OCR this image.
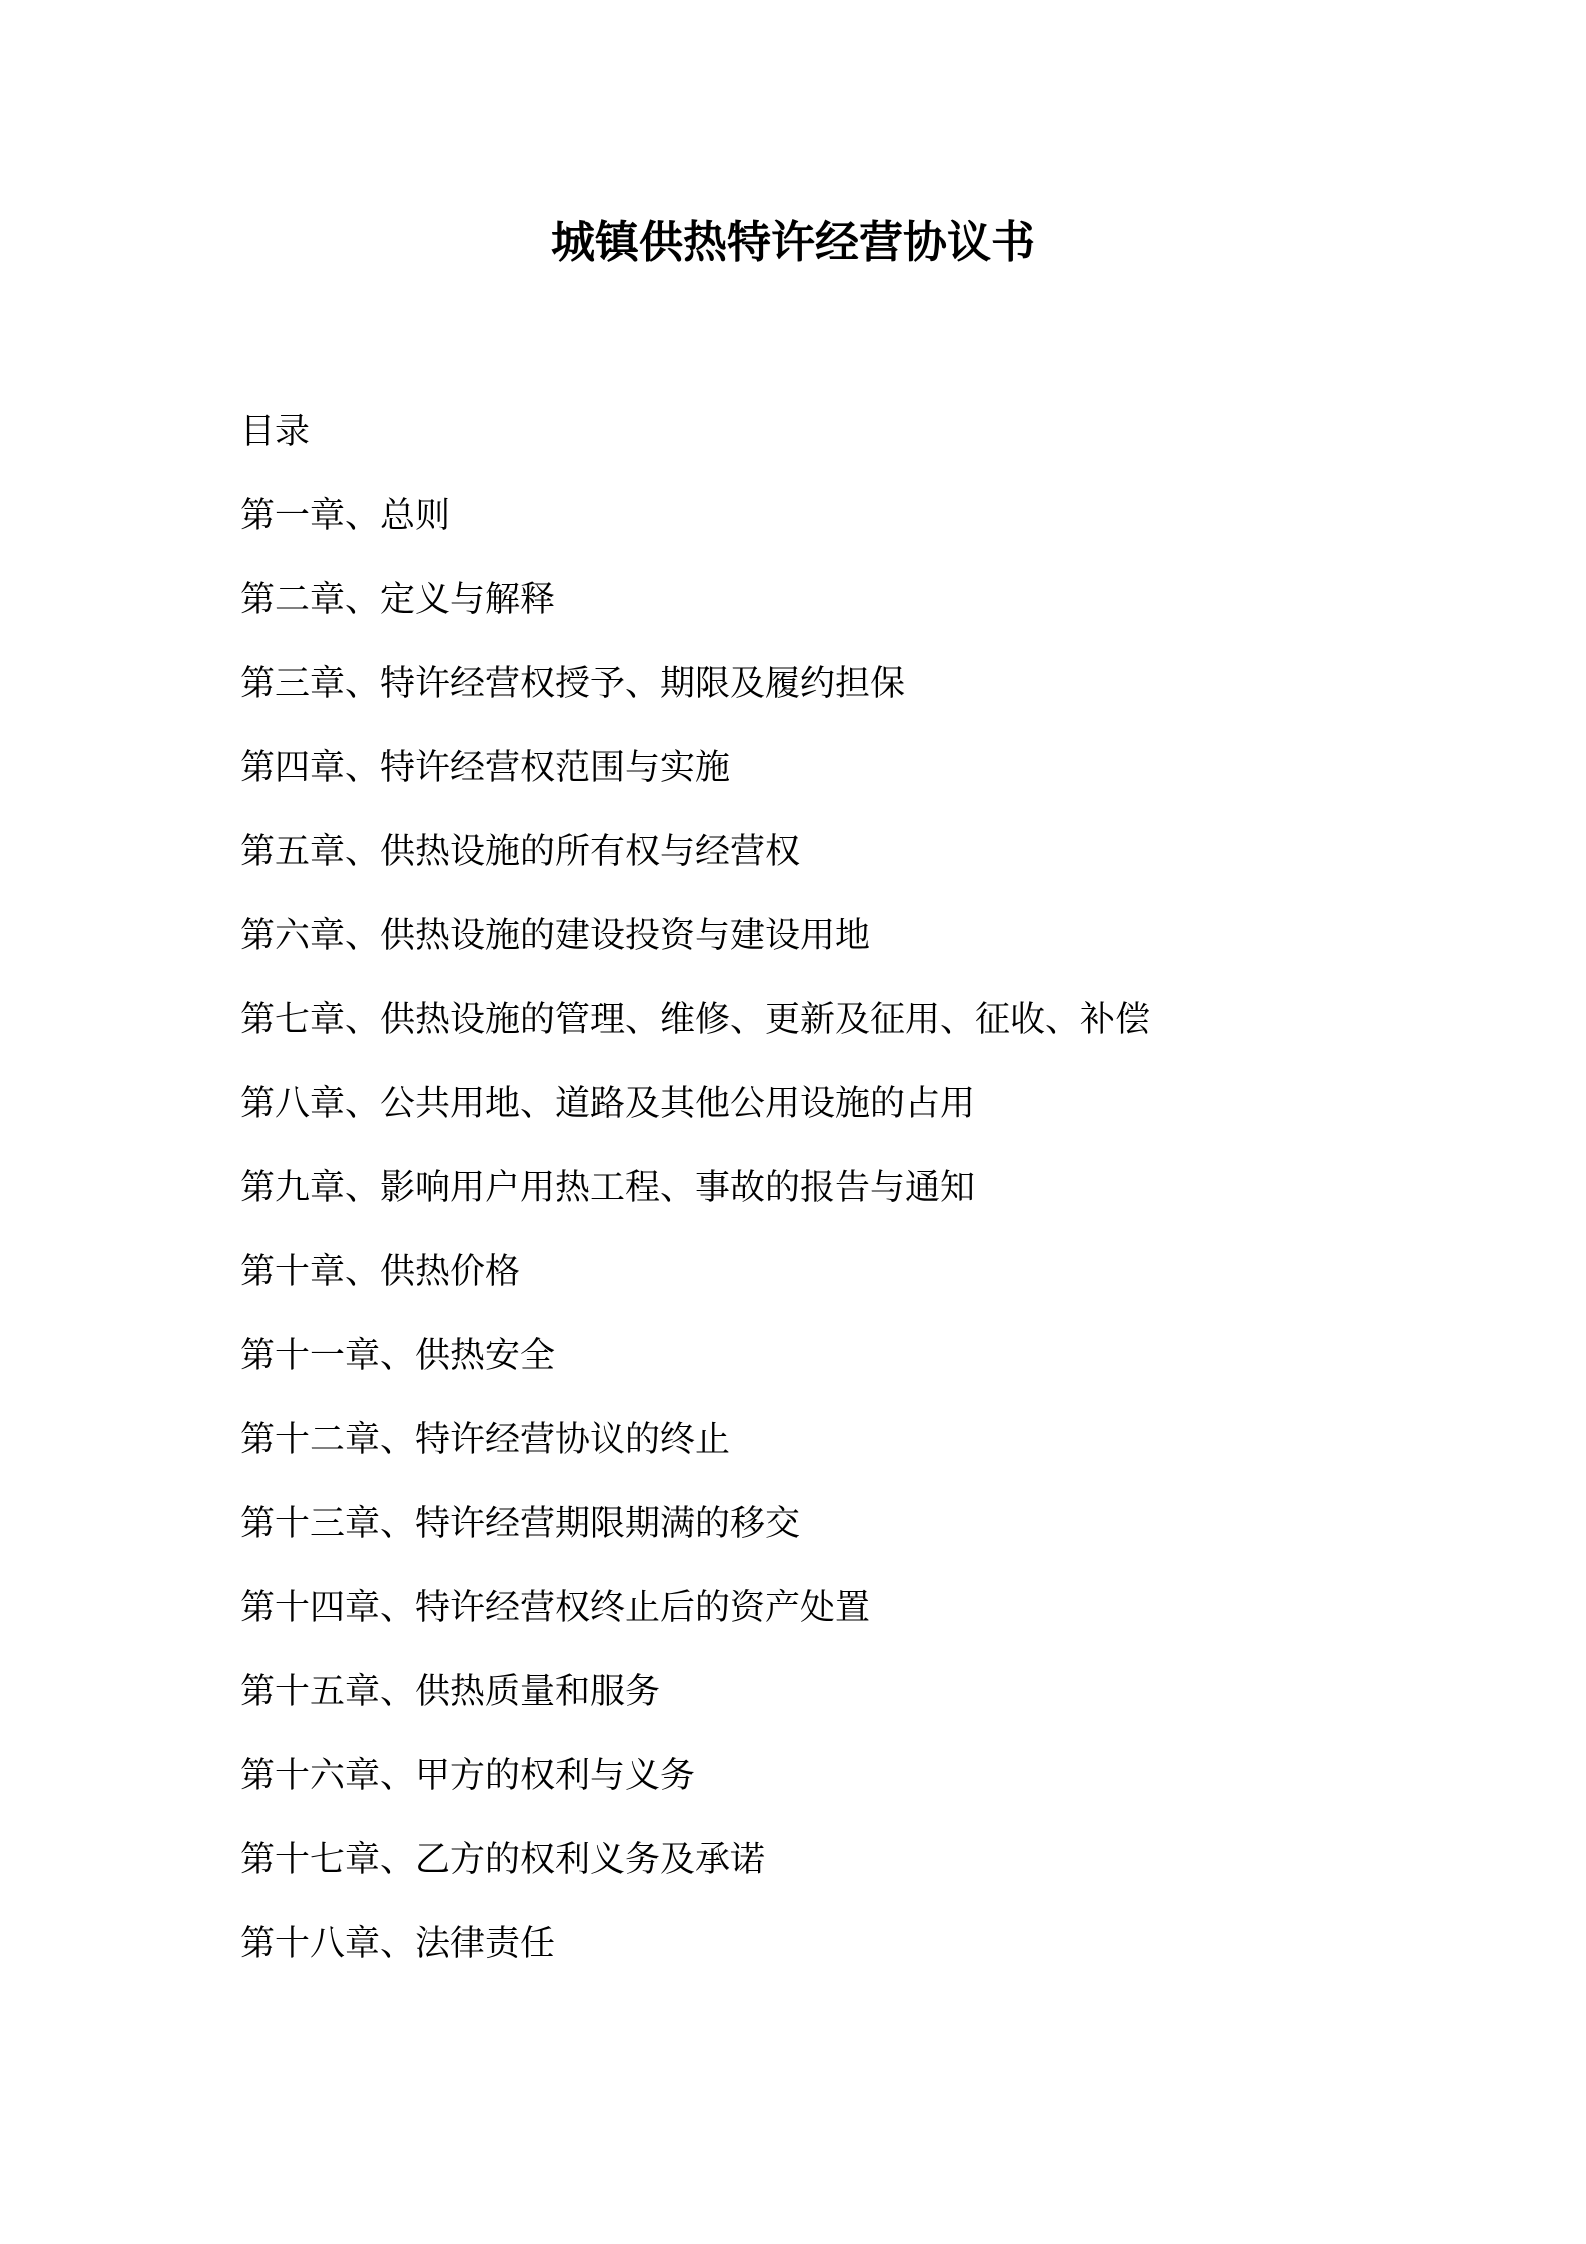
城镇供热特许经营协议书
目录
第一章、总则
第二章、定义与解释
第三章、特许经营权授予、期限及履约担保
第四章、特许经营权范围与实施
第五章、供热设施的所有权与经营权
第六章、供热设施的建设投资与建设用地
第七章、供热设施的管理、维修、更新及征用、征收、补偿
第八章、公共用地、道路及其他公用设施的占用
第九章、影响用户用热工程、事故的报告与通知
第十章、供热价格
第十一章、供热安全
第十二章、特许经营协议的终止
第十三章、特许经营期限期满的移交
第十四章、特许经营权终止后的资产处置
第十五章、供热质量和服务
第十六章、甲方的权利与义务
第十七章、乙方的权利义务及承诺
第十八章、法律责任
